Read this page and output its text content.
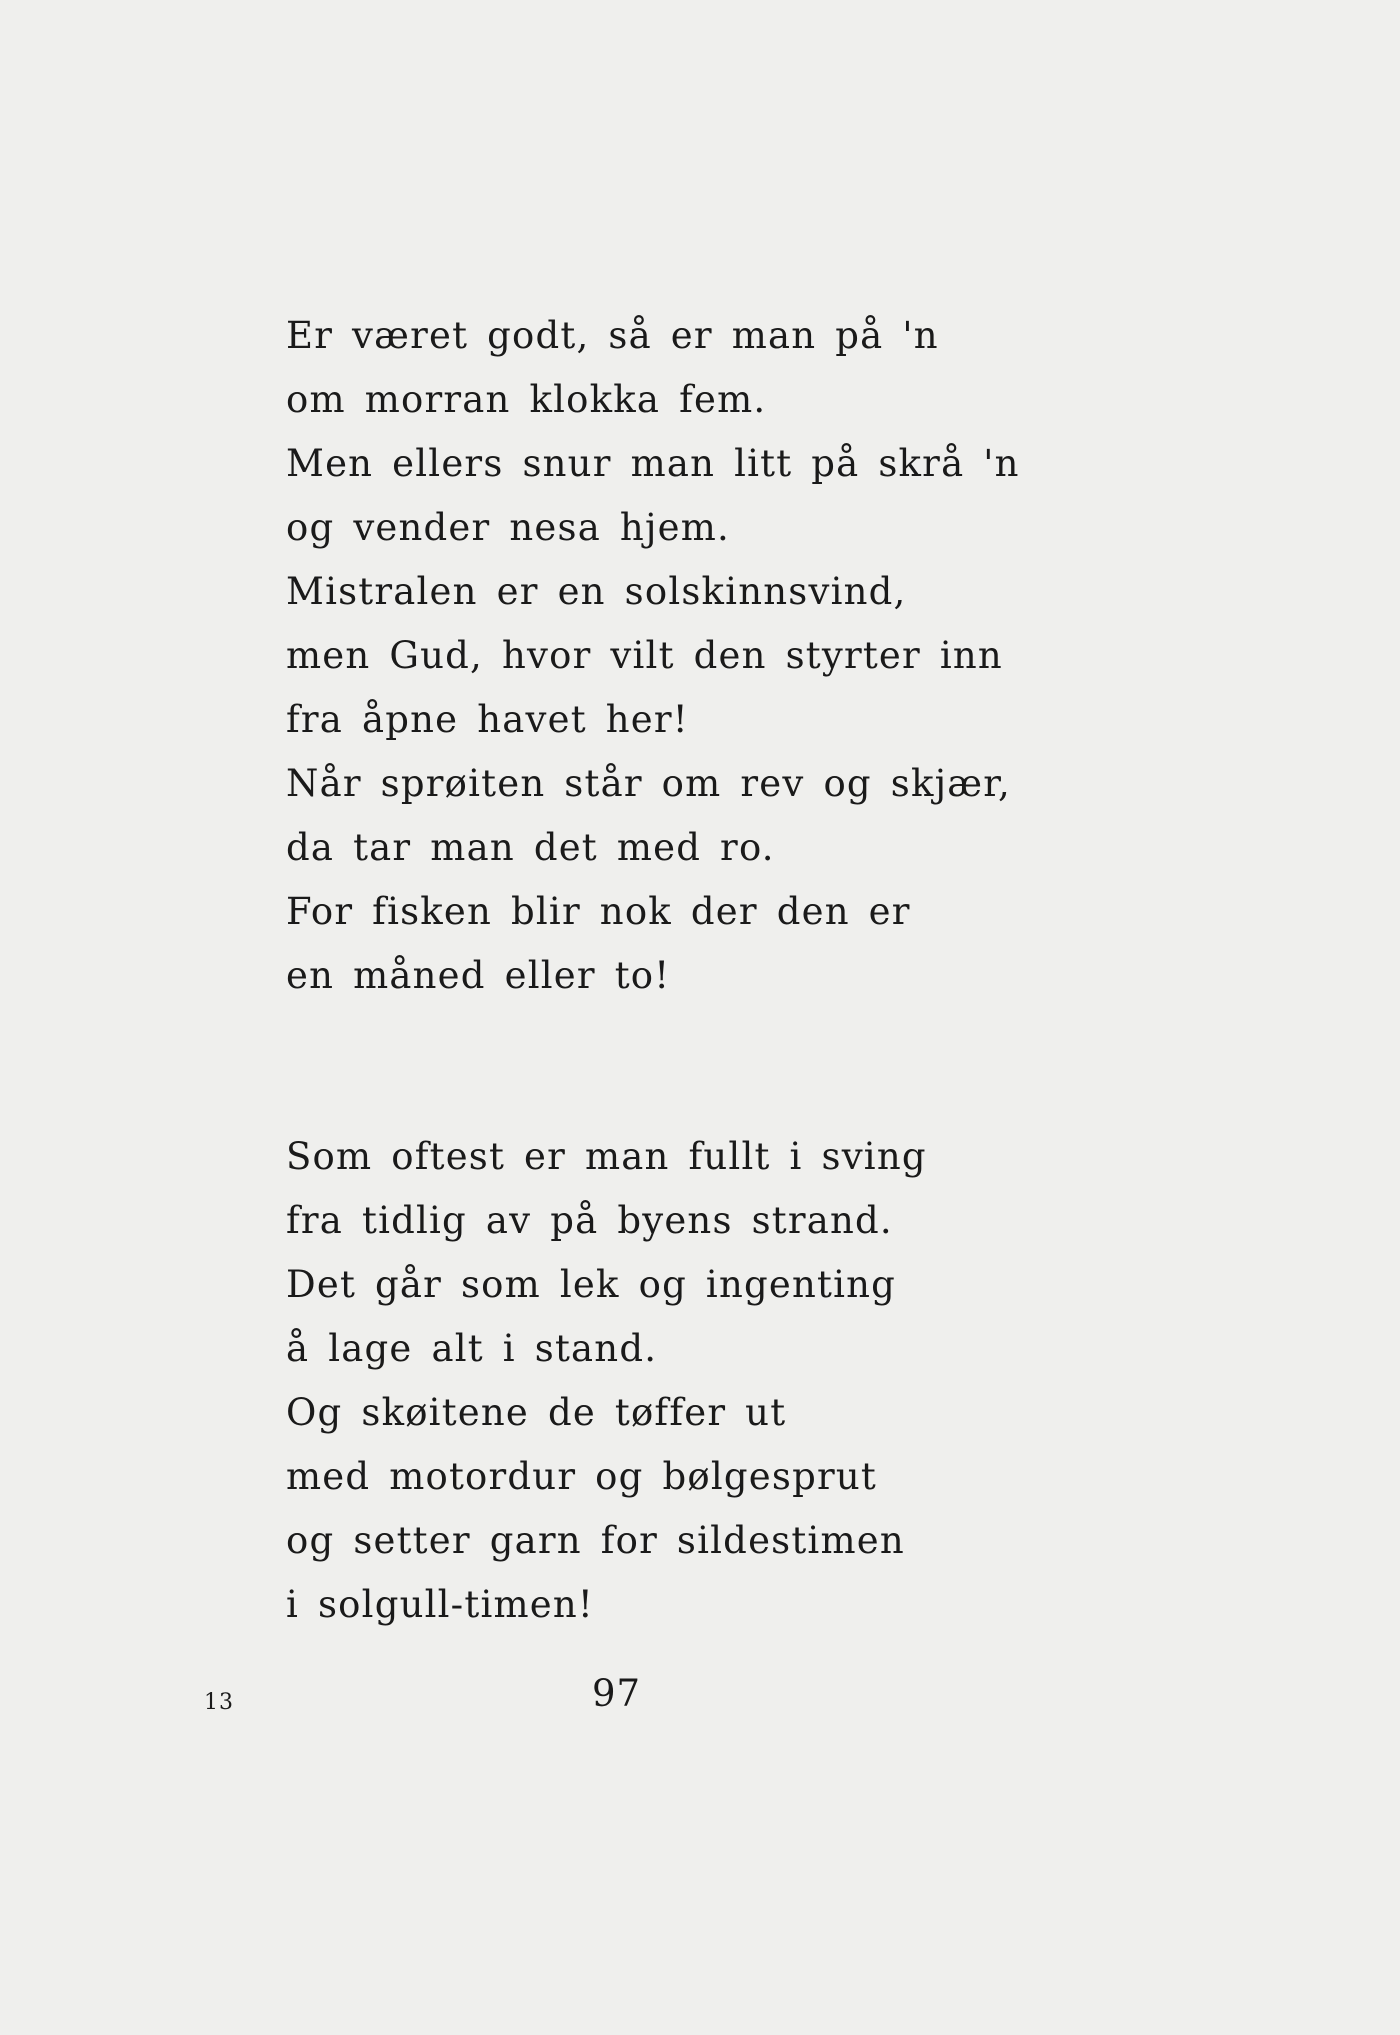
Er været godt, så er man på 'n
om morran klokka fem.
Men ellers snur man litt på skrå 'n
og vender nesa hjem.
Mistralen er en solskinnsvind,
men Gud, hvor vilt den styrter inn
fra åpne havet her!
Når sprøiten står om rev og skjær,
da tar man det med ro.
For fisken blir nok der den er
en måned eller to!
Som oftest er man fullt i sving
fra tidlig av på byens strand.
Det går som lek og ingenting
å lage alt i stand.
Og skøitene de tøffer ut
med motordur og bølgesprut
og setter garn for sildestimen
i solgull-timen!
13	97
